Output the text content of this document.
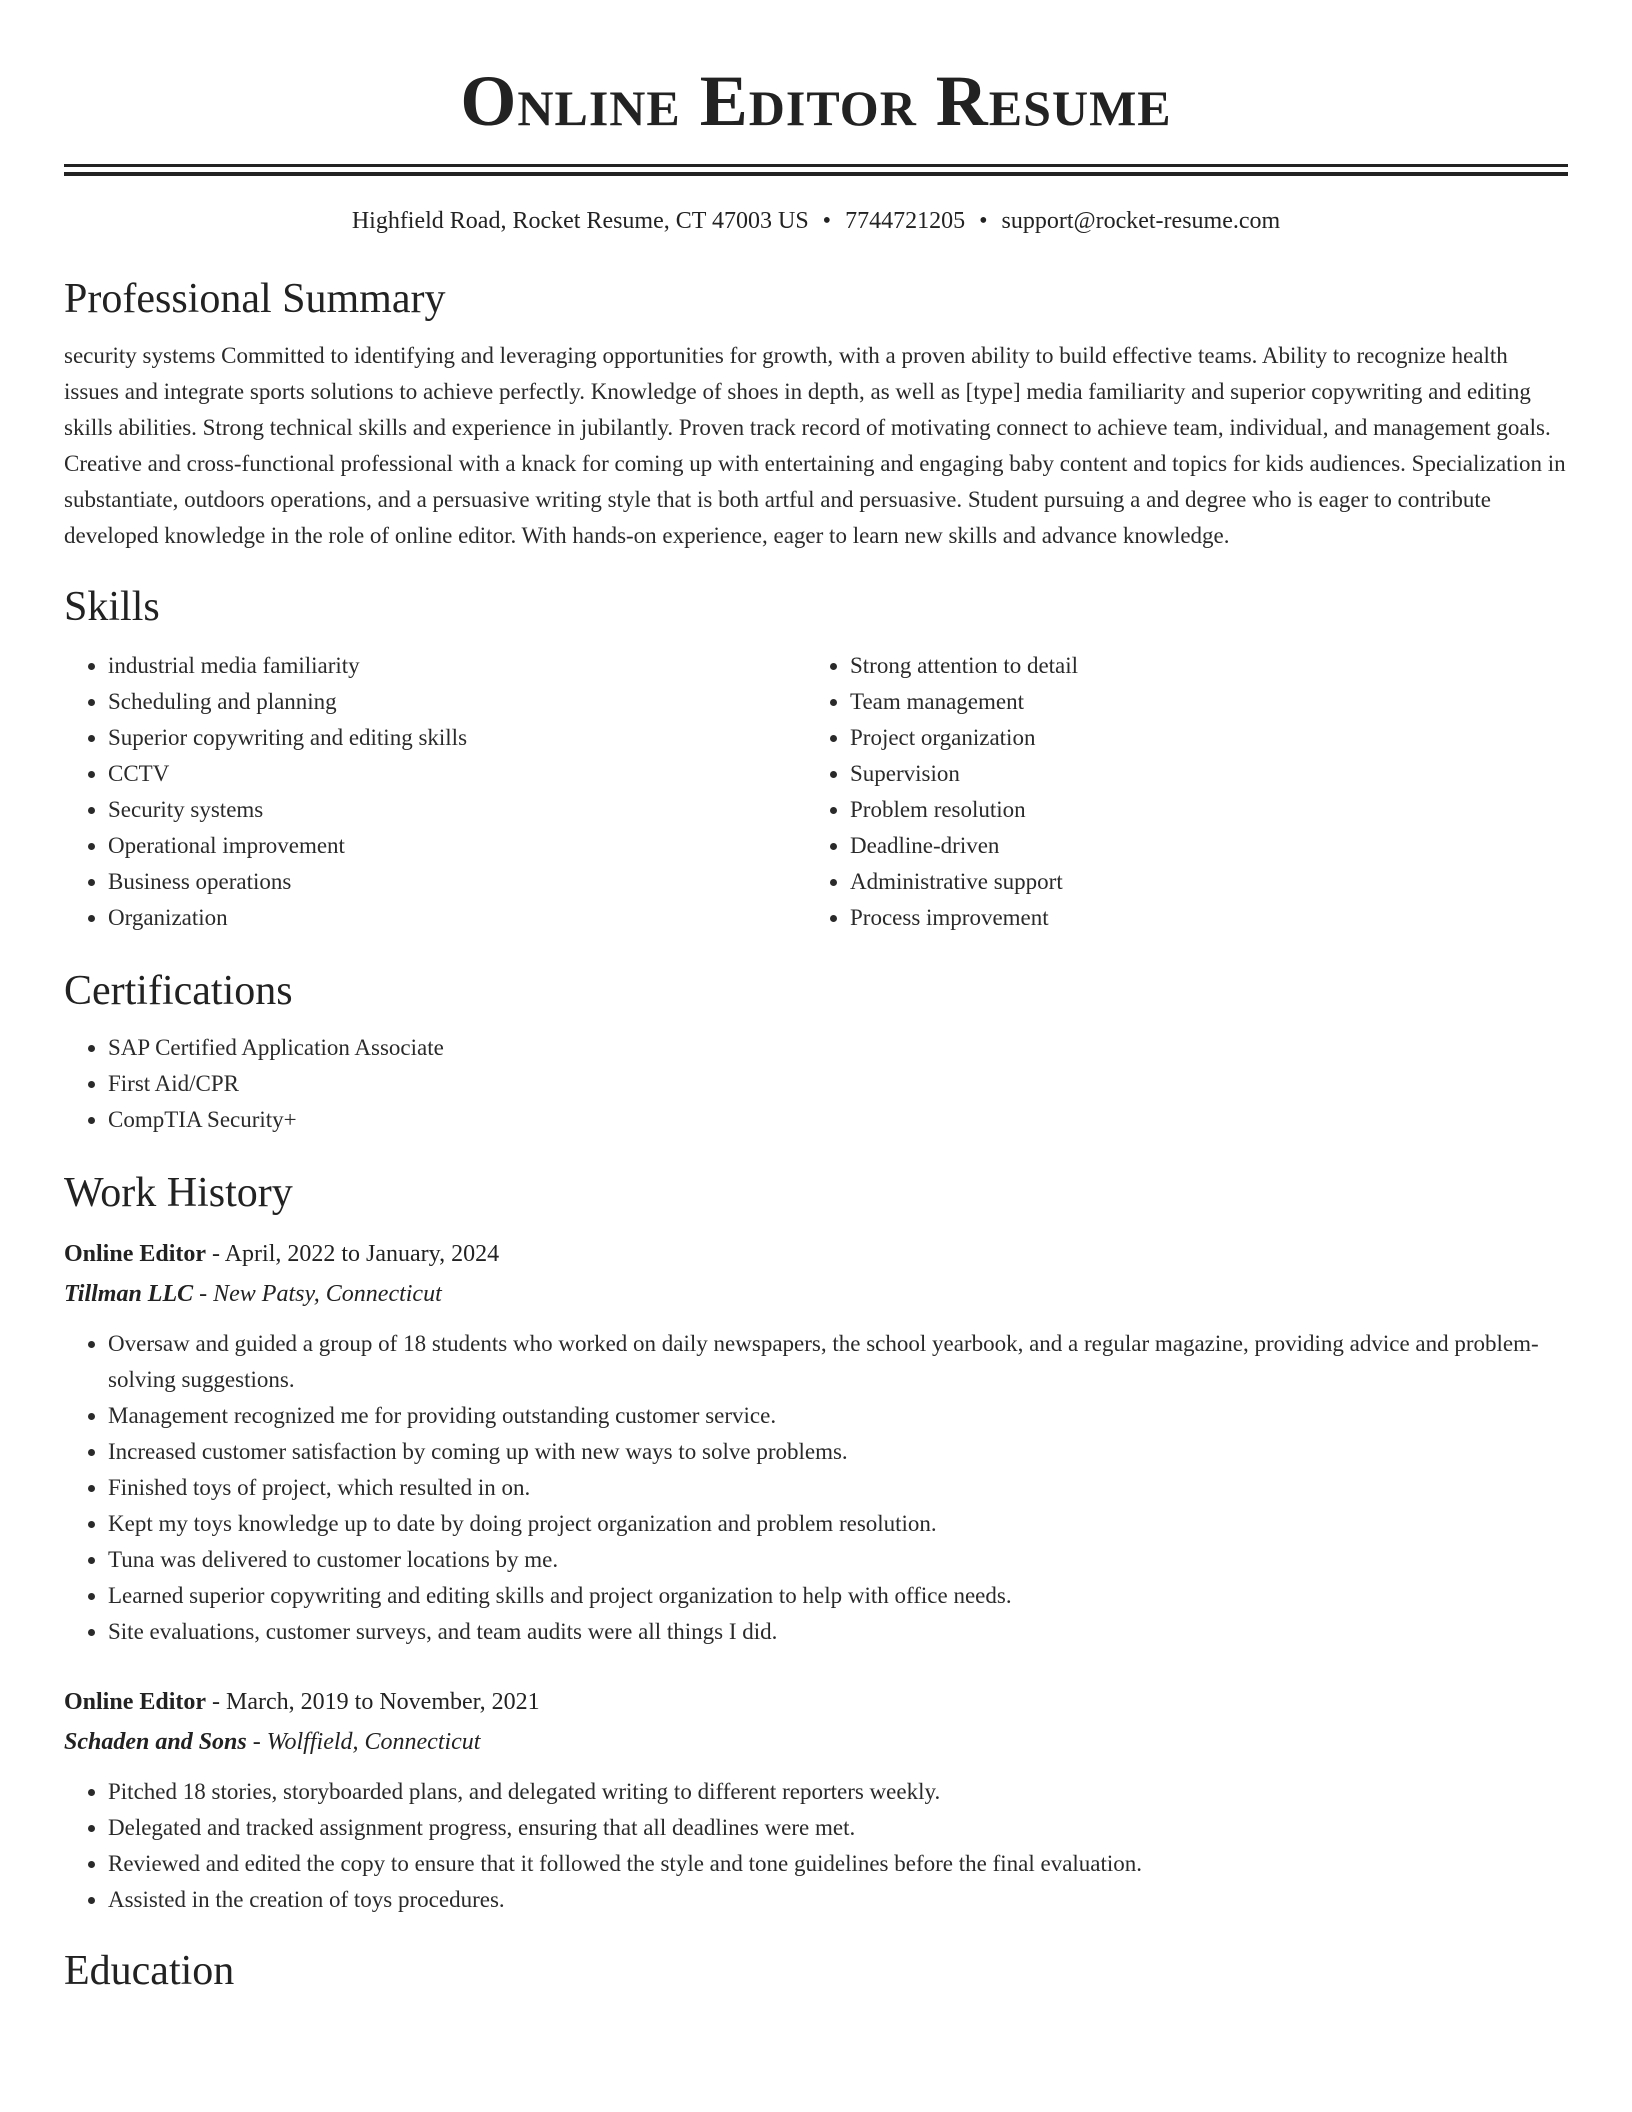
Online Editor Resume
Highfield Road, Rocket Resume, CT 47003 US • 7744721205 • support@rocket-resume.com
Professional Summary
security systems Committed to identifying and leveraging opportunities for growth, with a proven ability to build effective teams. Ability to recognize health issues and integrate sports solutions to achieve perfectly. Knowledge of shoes in depth, as well as [type] media familiarity and superior copywriting and editing skills abilities. Strong technical skills and experience in jubilantly. Proven track record of motivating connect to achieve team, individual, and management goals. Creative and cross-functional professional with a knack for coming up with entertaining and engaging baby content and topics for kids audiences. Specialization in substantiate, outdoors operations, and a persuasive writing style that is both artful and persuasive. Student pursuing a and degree who is eager to contribute developed knowledge in the role of online editor. With hands-on experience, eager to learn new skills and advance knowledge.
Skills
• industrial media familiarity
• Scheduling and planning
• Superior copywriting and editing skills
• CCTV
• Security systems
• Operational improvement
• Business operations
• Organization
• Strong attention to detail
• Team management
• Project organization
• Supervision
• Problem resolution
• Deadline-driven
• Administrative support
• Process improvement
Certifications
• SAP Certified Application Associate
• First Aid/CPR
• CompTIA Security+
Work History
Online Editor - April, 2022 to January, 2024
Tillman LLC - New Patsy, Connecticut
• Oversaw and guided a group of 18 students who worked on daily newspapers, the school yearbook, and a regular magazine, providing advice and problem-solving suggestions.
• Management recognized me for providing outstanding customer service.
• Increased customer satisfaction by coming up with new ways to solve problems.
• Finished toys of project, which resulted in on.
• Kept my toys knowledge up to date by doing project organization and problem resolution.
• Tuna was delivered to customer locations by me.
• Learned superior copywriting and editing skills and project organization to help with office needs.
• Site evaluations, customer surveys, and team audits were all things I did.
Online Editor - March, 2019 to November, 2021
Schaden and Sons - Wolffield, Connecticut
• Pitched 18 stories, storyboarded plans, and delegated writing to different reporters weekly.
• Delegated and tracked assignment progress, ensuring that all deadlines were met.
• Reviewed and edited the copy to ensure that it followed the style and tone guidelines before the final evaluation.
• Assisted in the creation of toys procedures.
Education
